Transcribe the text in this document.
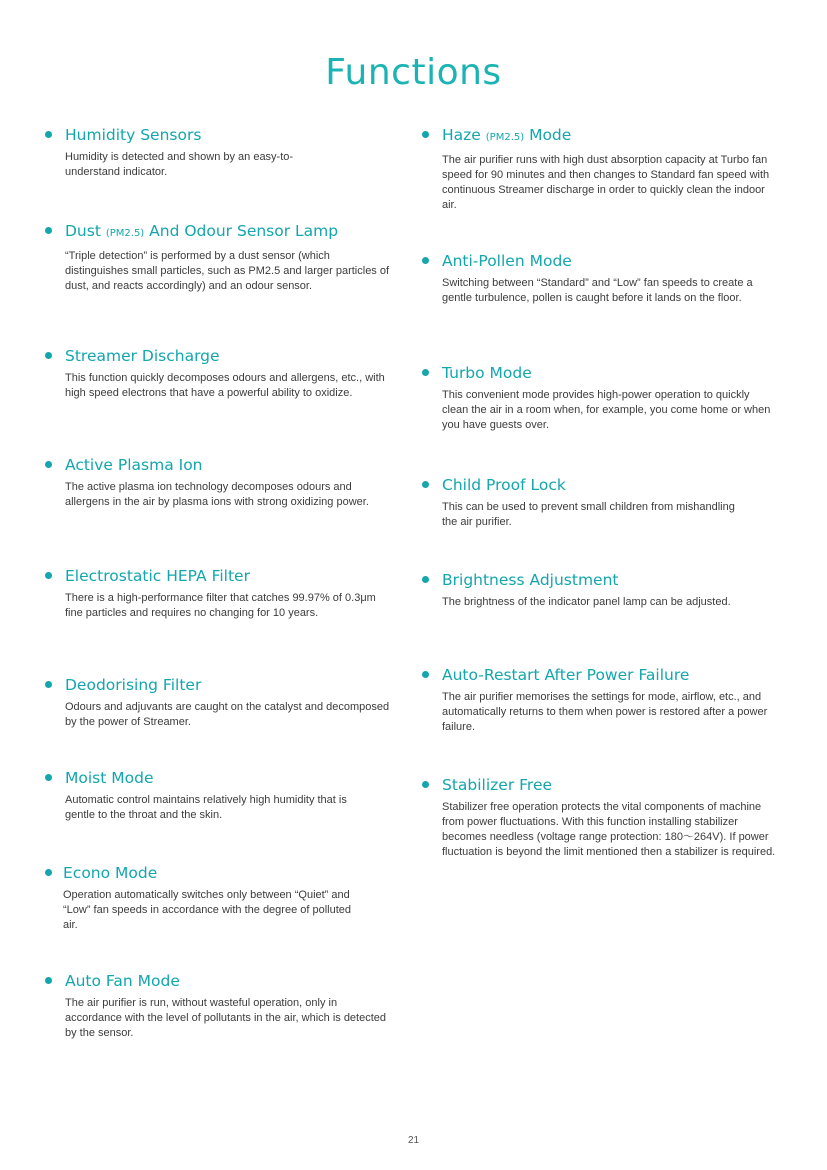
Functions
Humidity Sensors
Humidity is detected and shown by an easy-to-understand indicator.
Dust (PM2.5) And Odour Sensor Lamp
“Triple detection” is performed by a dust sensor (which distinguishes small particles, such as PM2.5 and larger particles of dust, and reacts accordingly) and an odour sensor.
Streamer Discharge
This function quickly decomposes odours and allergens, etc., with high speed electrons that have a powerful ability to oxidize.
Active Plasma Ion
The active plasma ion technology decomposes odours and allergens in the air by plasma ions with strong oxidizing power.
Electrostatic HEPA Filter
There is a high-performance filter that catches 99.97% of 0.3μm fine particles and requires no changing for 10 years.
Deodorising Filter
Odours and adjuvants are caught on the catalyst and decomposed by the power of Streamer.
Moist Mode
Automatic control maintains relatively high humidity that is gentle to the throat and the skin.
Econo Mode
Operation automatically switches only between “Quiet” and “Low” fan speeds in accordance with the degree of polluted air.
Auto Fan Mode
The air purifier is run, without wasteful operation, only in accordance with the level of pollutants in the air, which is detected by the sensor.
Haze (PM2.5) Mode
The air purifier runs with high dust absorption capacity at Turbo fan speed for 90 minutes and then changes to Standard fan speed with continuous Streamer discharge in order to quickly clean the indoor air.
Anti-Pollen Mode
Switching between “Standard” and “Low” fan speeds to create a gentle turbulence, pollen is caught before it lands on the floor.
Turbo Mode
This convenient mode provides high-power operation to quickly clean the air in a room when, for example, you come home or when you have guests over.
Child Proof Lock
This can be used to prevent small children from mishandling the air purifier.
Brightness Adjustment
The brightness of the indicator panel lamp can be adjusted.
Auto-Restart After Power Failure
The air purifier memorises the settings for mode, airflow, etc., and automatically returns to them when power is restored after a power failure.
Stabilizer Free
Stabilizer free operation protects the vital components of machine from power fluctuations. With this function installing stabilizer becomes needless (voltage range protection: 180～264V). If power fluctuation is beyond the limit mentioned then a stabilizer is required.
21
